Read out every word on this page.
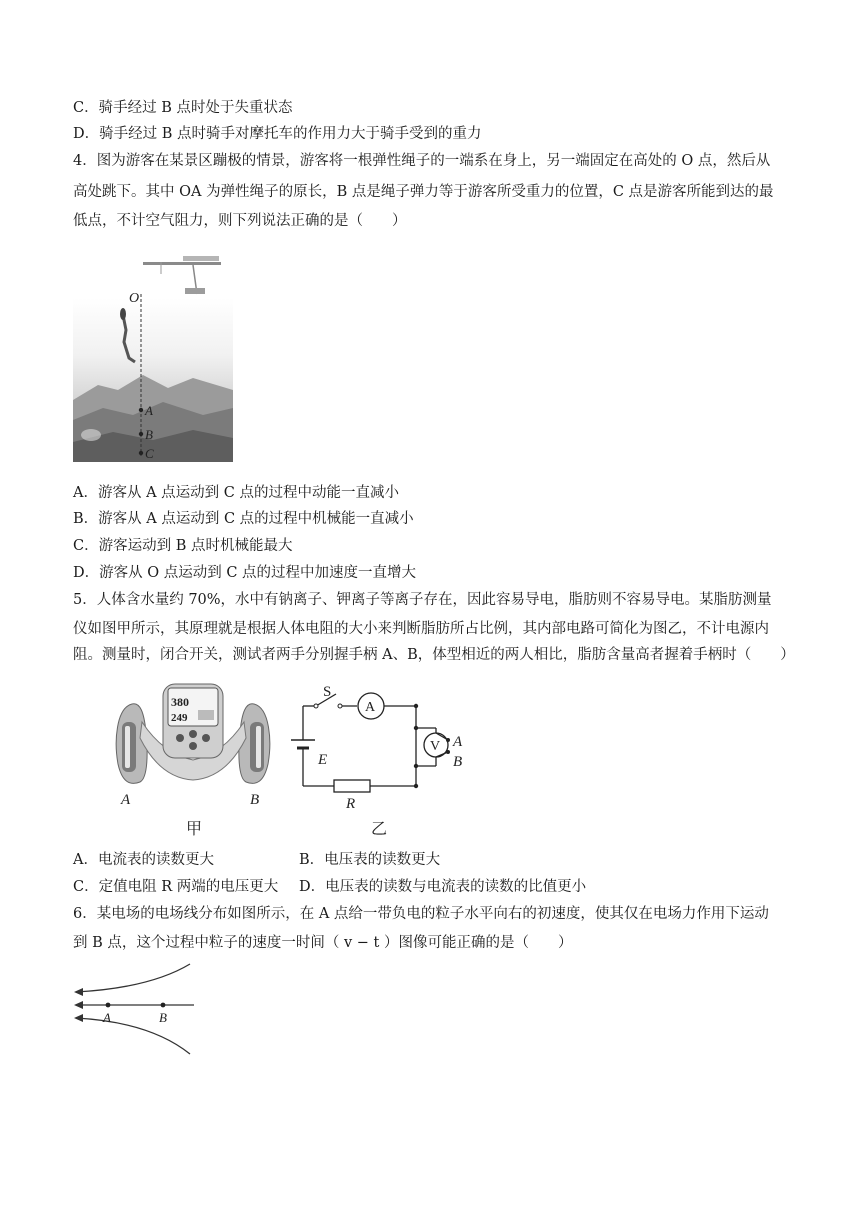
C．骑手经过 B 点时处于失重状态
D．骑手经过 B 点时骑手对摩托车的作用力大于骑手受到的重力
4．图为游客在某景区蹦极的情景，游客将一根弹性绳子的一端系在身上，另一端固定在高处的 O 点，然后从
高处跳下。其中 OA 为弹性绳子的原长，B 点是绳子弹力等于游客所受重力的位置，C 点是游客所能到达的最
低点，不计空气阻力，则下列说法正确的是（　　）
O
A
B
C
A．游客从 A 点运动到 C 点的过程中动能一直减小
B．游客从 A 点运动到 C 点的过程中机械能一直减小
C．游客运动到 B 点时机械能最大
D．游客从 O 点运动到 C 点的过程中加速度一直增大
5．人体含水量约 70%，水中有钠离子、钾离子等离子存在，因此容易导电，脂肪则不容易导电。某脂肪测量
仪如图甲所示，其原理就是根据人体电阻的大小来判断脂肪所占比例，其内部电路可简化为图乙，不计电源内
阻。测量时，闭合开关，测试者两手分别握手柄 A、B，体型相近的两人相比，脂肪含量高者握着手柄时（　　）
380
249
A	B
甲
S
A
V A
B
E
R
乙
A．电流表的读数更大	B．电压表的读数更大
C．定值电阻 R 两端的电压更大 D．电压表的读数与电流表的读数的比值更小
6．某电场的电场线分布如图所示，在 A 点给一带负电的粒子水平向右的初速度，使其仅在电场力作用下运动
到 B 点，这个过程中粒子的速度一时间（ v − t ）图像可能正确的是（　　）
A	B
